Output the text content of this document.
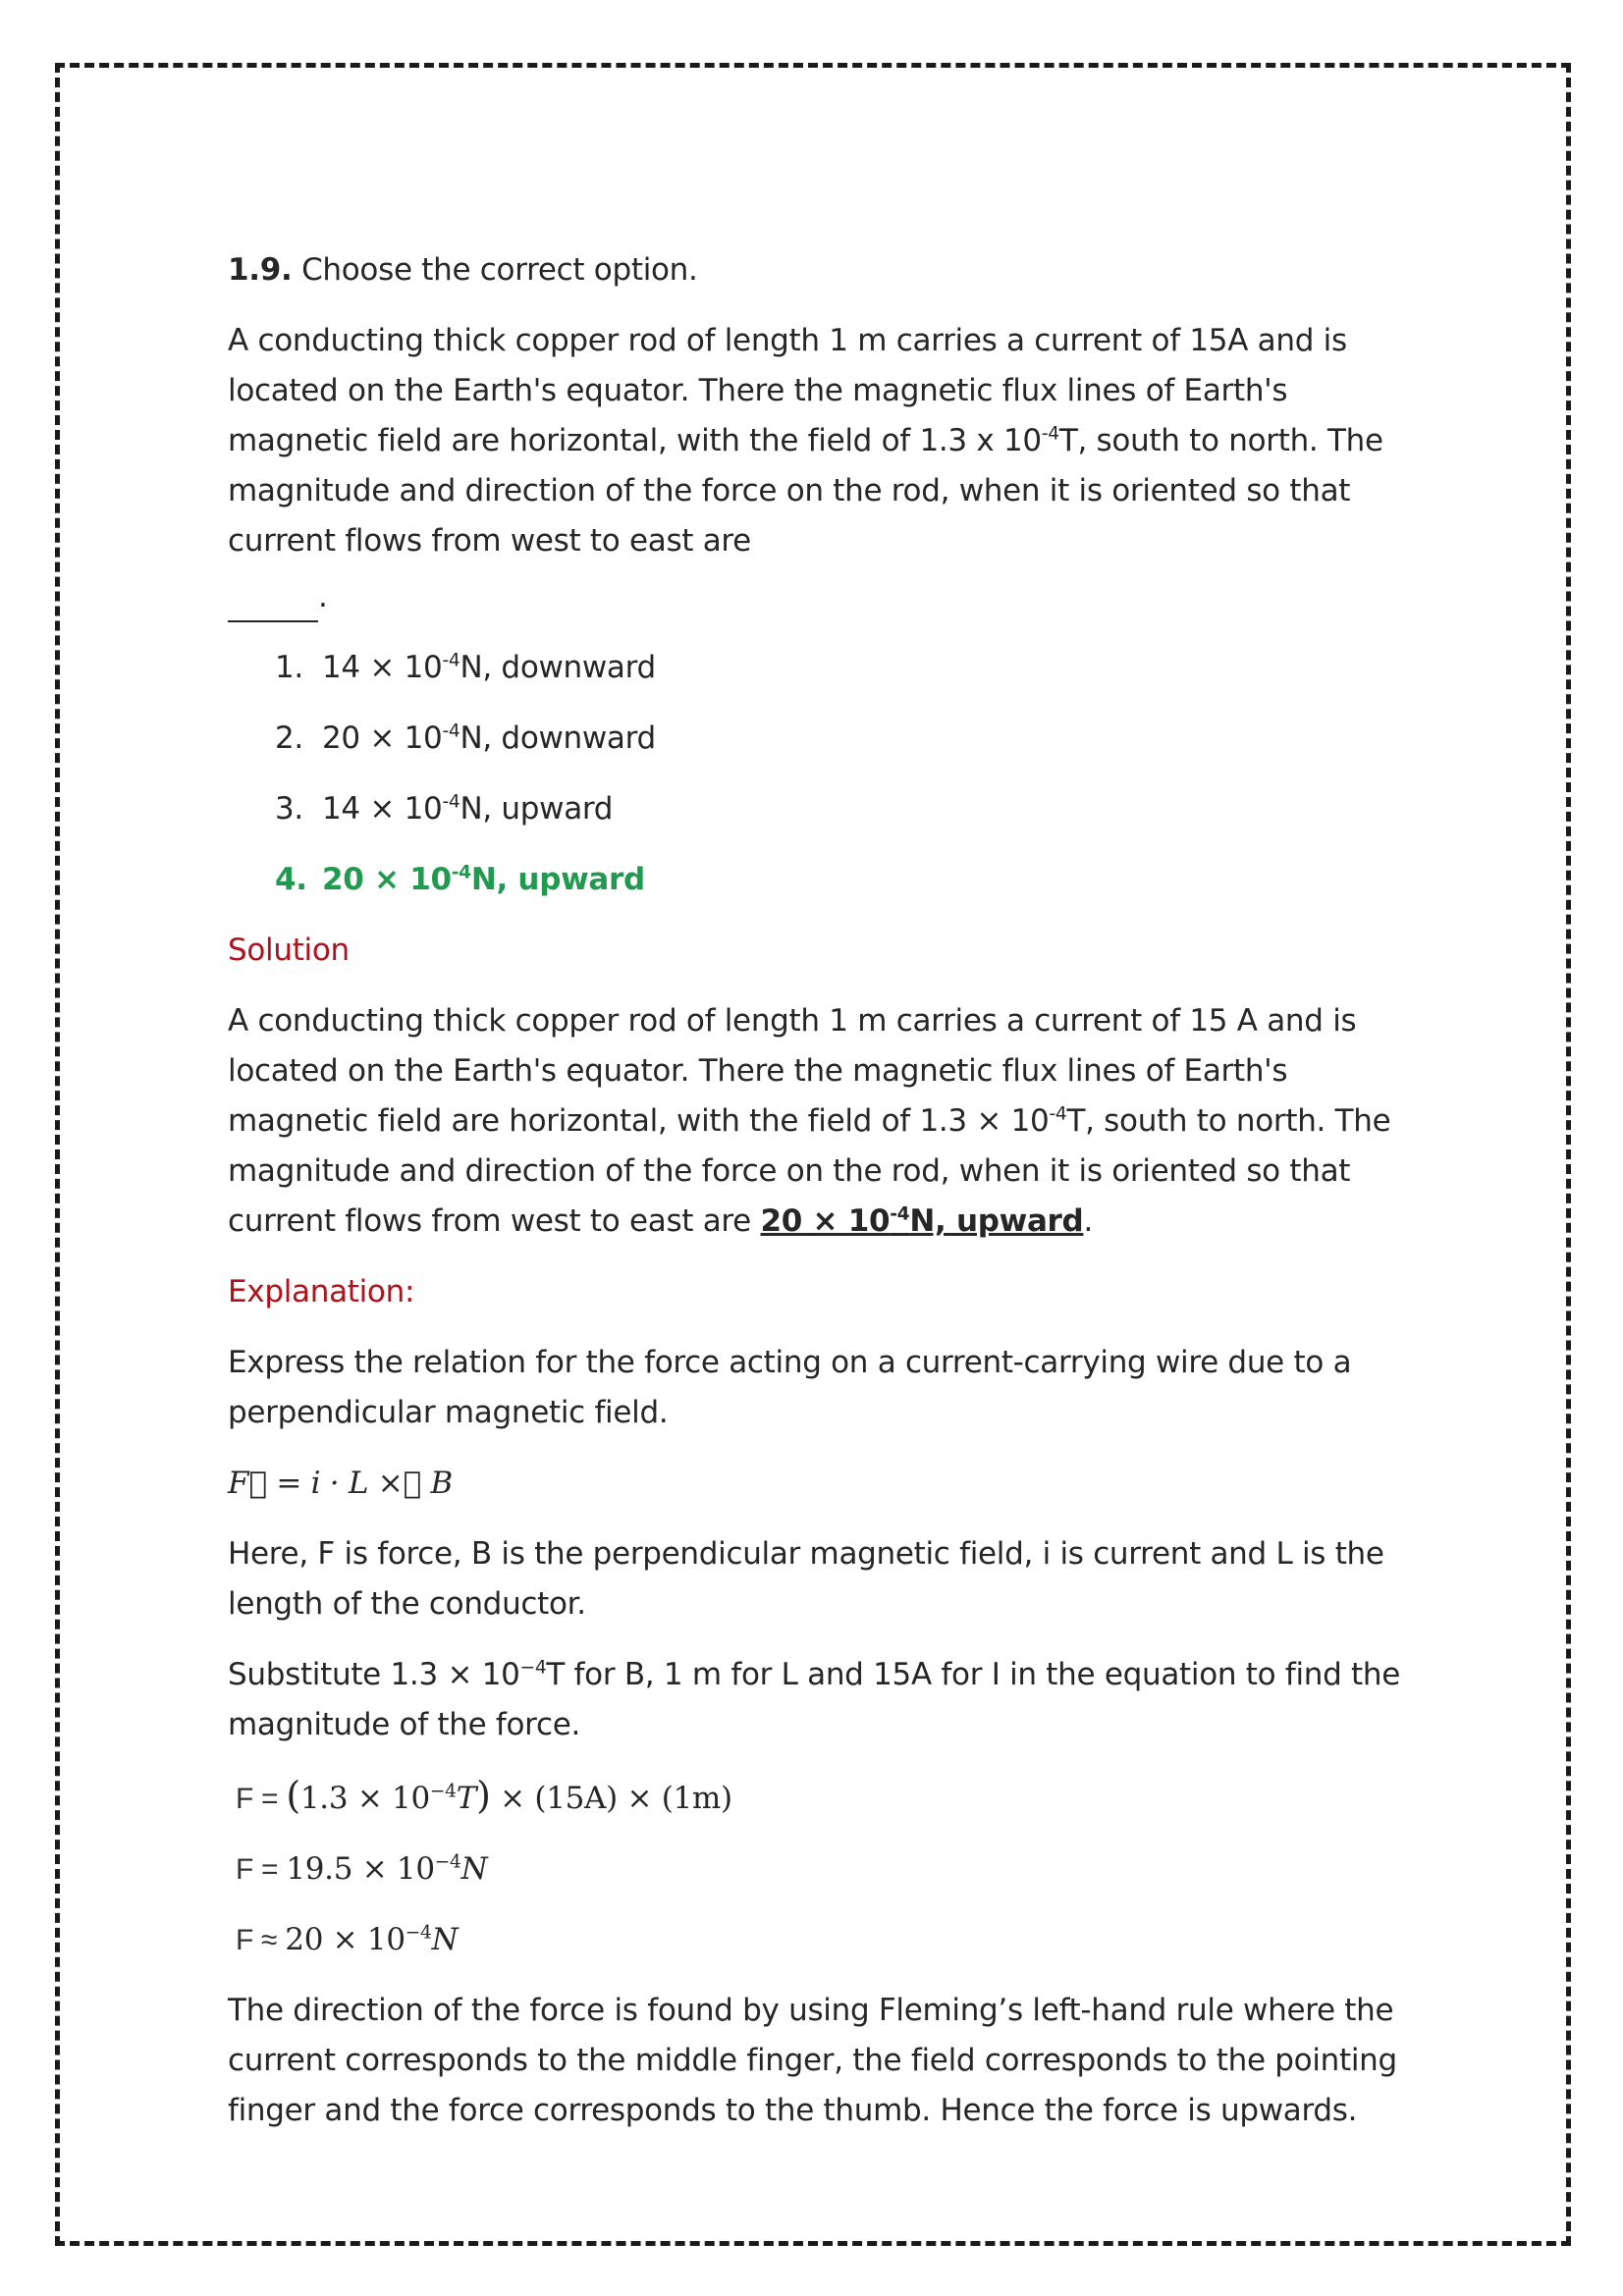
1.9. Choose the correct option.

A conducting thick copper rod of length 1 m carries a current of 15A and is located on the Earth's equator. There the magnetic flux lines of Earth's magnetic field are horizontal, with the field of 1.3 x $10^{-4}T$, south to north. The magnitude and direction of the force on the rod, when it is oriented so that current flows from west to east are

.

1. $14 \times 10^{-4}N$, downward
2. $20 \times 10^{-4}N$, downward
3. $14 \times 10^{-4}N$, upward
4. $20 \times 10^{-4}N$, upward

Solution

A conducting thick copper rod of length 1 m carries a current of 15 A and is located on the Earth's equator. There the magnetic flux lines of Earth's magnetic field are horizontal, with the field of $1.3 \times 10^{-4}T$, south to north. The magnitude and direction of the force on the rod, when it is oriented so that current flows from west to east are $20 \times 10^{-4}N$, upward.

Explanation:

Express the relation for the force acting on a current-carrying wire due to a perpendicular magnetic field.

F⃗ = i · L ×⃗ B

Here, F is force, B is the perpendicular magnetic field, i is current and L is the length of the conductor.

Substitute $1.3 \times 10^{-4}T$ for B, 1 m for L and 15A for I in the equation to find the magnitude of the force.

$F = (1.3 \times 10^{-4}T) \times (15A) \times (1m)$

$F = 19.5 \times 10^{-4}N$

$F \approx 20 \times 10^{-4}N$

The direction of the force is found by using Fleming’s left-hand rule where the current corresponds to the middle finger, the field corresponds to the pointing finger and the force corresponds to the thumb. Hence the force is upwards.
